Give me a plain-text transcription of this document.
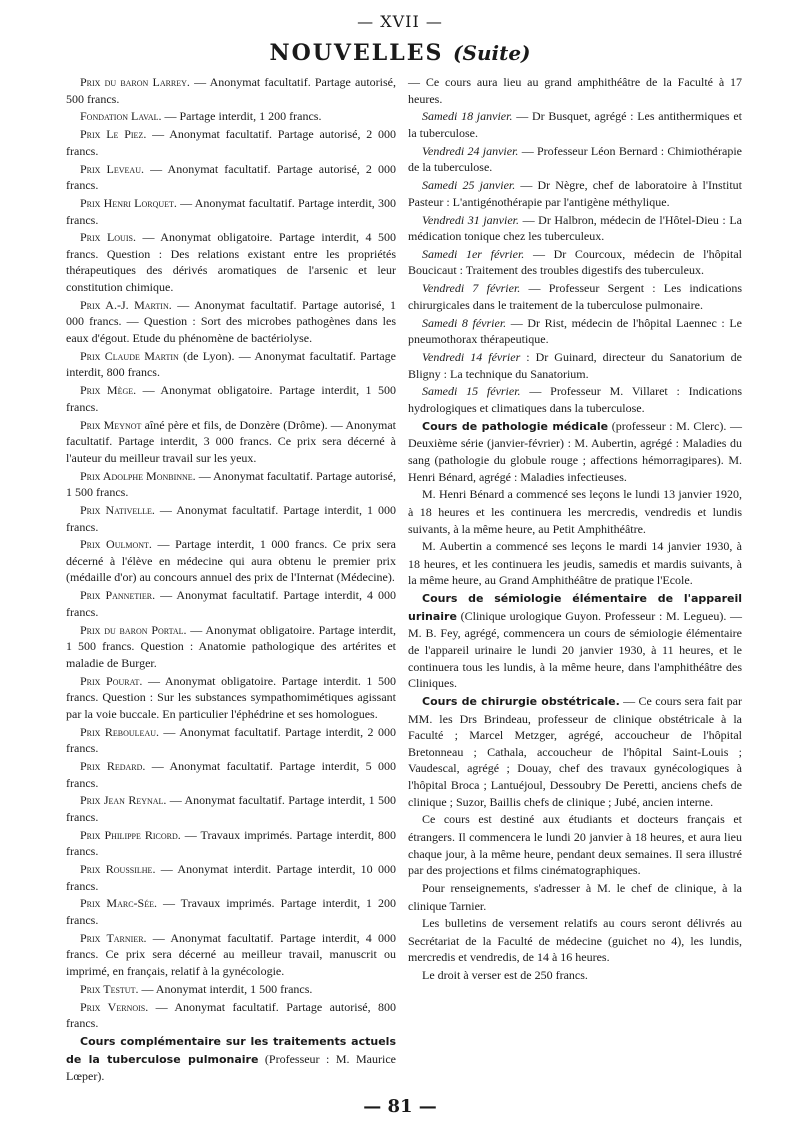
— XVII —
NOUVELLES (Suite)

Prix du baron Larrey. — Anonymat facultatif. Partage autorisé, 500 francs.

Fondation Laval. — Partage interdit, 1 200 francs.

Prix Le Piez. — Anonymat facultatif. Partage autorisé, 2 000 francs.

Prix Leveau. — Anonymat facultatif. Partage autorisé, 2 000 francs.

Prix Henri Lorquet. — Anonymat facultatif. Partage interdit, 300 francs.

Prix Louis. — Anonymat obligatoire. Partage interdit, 4 500 francs. Question : Des relations existant entre les propriétés thérapeutiques des dérivés aromatiques de l'arsenic et leur constitution chimique.

Prix A.-J. Martin. — Anonymat facultatif. Partage autorisé, 1 000 francs. — Question : Sort des microbes pathogènes dans les eaux d'égout. Etude du phénomène de bactériolyse.

Prix Claude Martin (de Lyon). — Anonymat facultatif. Partage interdit, 800 francs.

Prix Mège. — Anonymat obligatoire. Partage interdit, 1 500 francs.

Prix Meynot aîné père et fils, de Donzère (Drôme). — Anonymat facultatif. Partage interdit, 3 000 francs. Ce prix sera décerné à l'auteur du meilleur travail sur les yeux.

Prix Adolphe Monbinne. — Anonymat facultatif. Partage autorisé, 1 500 francs.

Prix Nativelle. — Anonymat facultatif. Partage interdit, 1 000 francs.

Prix Oulmont. — Partage interdit, 1 000 francs. Ce prix sera décerné à l'élève en médecine qui aura obtenu le premier prix (médaille d'or) au concours annuel des prix de l'Internat (Médecine).

Prix Pannetier. — Anonymat facultatif. Partage interdit, 4 000 francs.

Prix du baron Portal. — Anonymat obligatoire. Partage interdit, 1 500 francs. Question : Anatomie pathologique des artérites et maladie de Burger.

Prix Pourat. — Anonymat obligatoire. Partage interdit. 1 500 francs. Question : Sur les substances sympathomimétiques agissant par la voie buccale. En particulier l'éphédrine et ses homologues.

Prix Rebouleau. — Anonymat facultatif. Partage interdit, 2 000 francs.

Prix Redard. — Anonymat facultatif. Partage interdit, 5 000 francs.

Prix Jean Reynal. — Anonymat facultatif. Partage interdit, 1 500 francs.

Prix Philippe Ricord. — Travaux imprimés. Partage interdit, 800 francs.

Prix Roussilhe. — Anonymat interdit. Partage interdit, 10 000 francs.

Prix Marc-Sée. — Travaux imprimés. Partage interdit, 1 200 francs.

Prix Tarnier. — Anonymat facultatif. Partage interdit, 4 000 francs. Ce prix sera décerné au meilleur travail, manuscrit ou imprimé, en français, relatif à la gynécologie.

Prix Testut. — Anonymat interdit, 1 500 francs.

Prix Vernois. — Anonymat facultatif. Partage autorisé, 800 francs.

Cours complémentaire sur les traitements actuels de la tuberculose pulmonaire (Professeur : M. Maurice Lœper).

— Ce cours aura lieu au grand amphithéâtre de la Faculté à 17 heures.

Samedi 18 janvier. — Dr Busquet, agrégé : Les antithermiques et la tuberculose.

Vendredi 24 janvier. — Professeur Léon Bernard : Chimiothérapie de la tuberculose.

Samedi 25 janvier. — Dr Nègre, chef de laboratoire à l'Institut Pasteur : L'antigénothérapie par l'antigène méthylique.

Vendredi 31 janvier. — Dr Halbron, médecin de l'Hôtel-Dieu : La médication tonique chez les tuberculeux.

Samedi 1er février. — Dr Courcoux, médecin de l'hôpital Boucicaut : Traitement des troubles digestifs des tuberculeux.

Vendredi 7 février. — Professeur Sergent : Les indications chirurgicales dans le traitement de la tuberculose pulmonaire.

Samedi 8 février. — Dr Rist, médecin de l'hôpital Laennec : Le pneumothorax thérapeutique.

Vendredi 14 février : Dr Guinard, directeur du Sanatorium de Bligny : La technique du Sanatorium.

Samedi 15 février. — Professeur M. Villaret : Indications hydrologiques et climatiques dans la tuberculose.

Cours de pathologie médicale (professeur : M. Clerc). — Deuxième série (janvier-février) : M. Aubertin, agrégé : Maladies du sang (pathologie du globule rouge ; affections hémorragipares). M. Henri Bénard, agrégé : Maladies infectieuses.

M. Henri Bénard a commencé ses leçons le lundi 13 janvier 1920, à 18 heures et les continuera les mercredis, vendredis et lundis suivants, à la même heure, au Petit Amphithéâtre.

M. Aubertin a commencé ses leçons le mardi 14 janvier 1930, à 18 heures, et les continuera les jeudis, samedis et mardis suivants, à la même heure, au Grand Amphithéâtre de pratique l'Ecole.

Cours de sémiologie élémentaire de l'appareil urinaire (Clinique urologique Guyon. Professeur : M. Legueu). — M. B. Fey, agrégé, commencera un cours de sémiologie élémentaire de l'appareil urinaire le lundi 20 janvier 1930, à 11 heures, et le continuera tous les lundis, à la même heure, dans l'amphithéâtre des Cliniques.

Cours de chirurgie obstétricale. — Ce cours sera fait par MM. les Drs Brindeau, professeur de clinique obstétricale à la Faculté ; Marcel Metzger, agrégé, accoucheur de l'hôpital Bretonneau ; Cathala, accoucheur de l'hôpital Saint-Louis ; Vaudescal, agrégé ; Douay, chef des travaux gynécologiques à l'hôpital Broca ; Lantuéjoul, Dessoubry De Peretti, anciens chefs de clinique ; Suzor, Baillis chefs de clinique ; Jubé, ancien interne.

Ce cours est destiné aux étudiants et docteurs français et étrangers. Il commencera le lundi 20 janvier à 18 heures, et aura lieu chaque jour, à la même heure, pendant deux semaines. Il sera illustré par des projections et films cinématographiques.

Pour renseignements, s'adresser à M. le chef de clinique, à la clinique Tarnier.

Les bulletins de versement relatifs au cours seront délivrés au Secrétariat de la Faculté de médecine (guichet no 4), les lundis, mercredis et vendredis, de 14 à 16 heures.

Le droit à verser est de 250 francs.

— 81 —
